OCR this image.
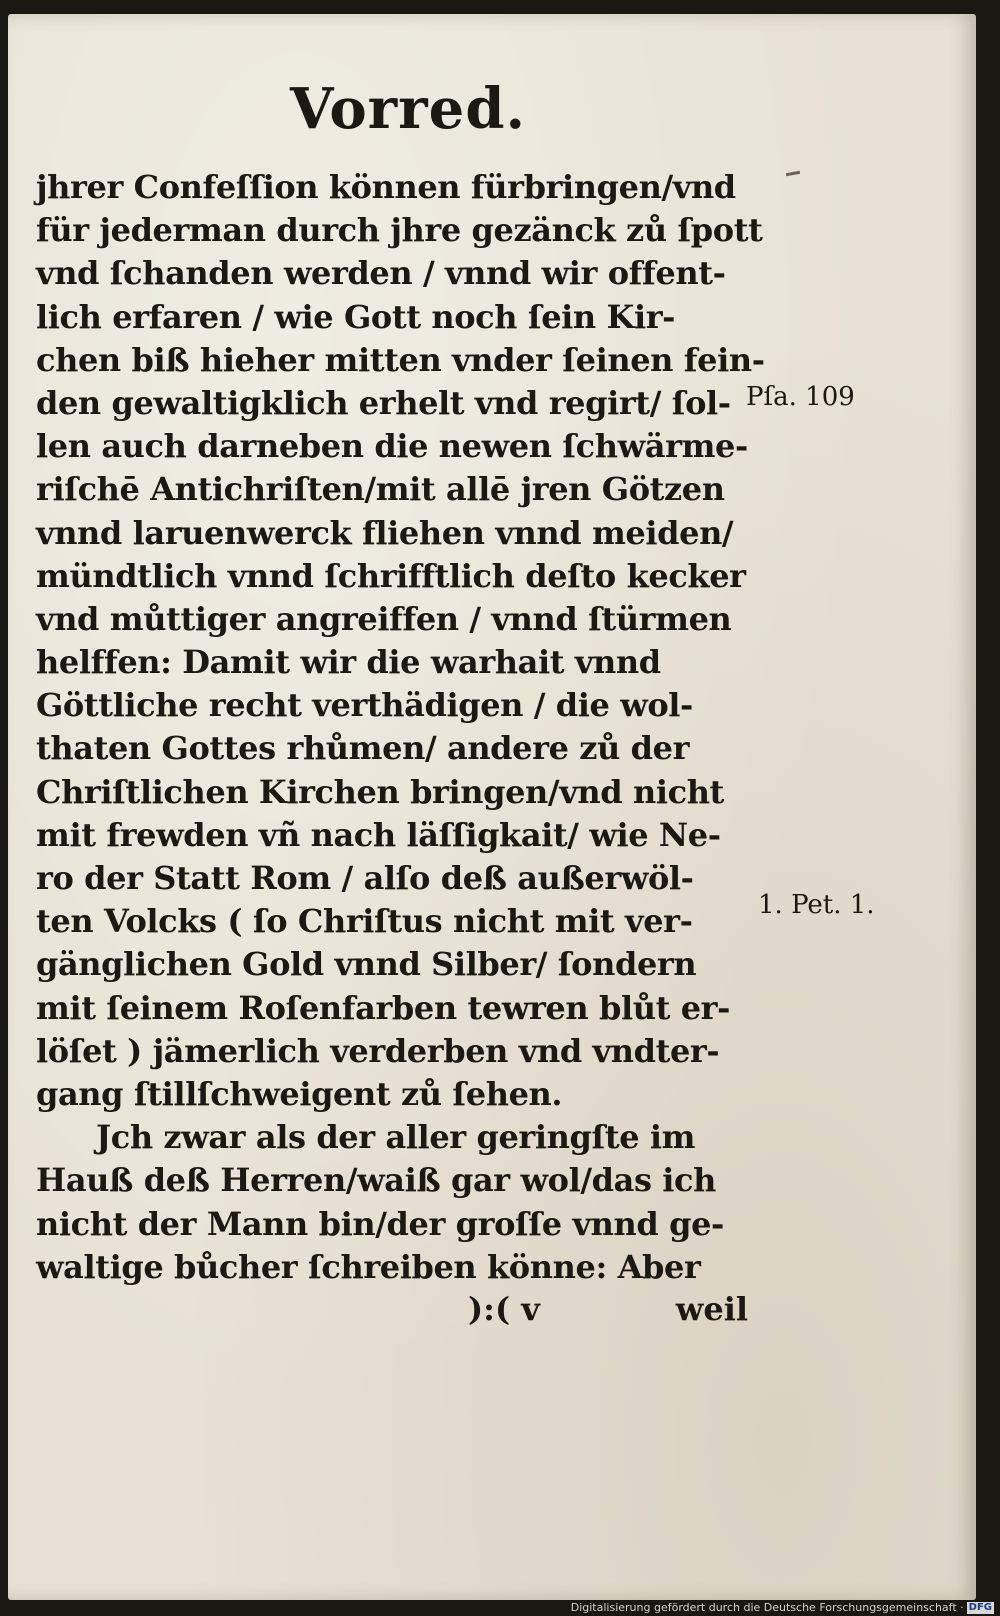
Vorred.
jhrer Confeſſion können fürbringen/vnd
für jederman durch jhre gezänck zů ſpott
vnd ſchanden werden / vnnd wir offent-
lich erfaren / wie Gott noch ſein Kir-
chen biß hieher mitten vnder ſeinen fein-
den gewaltigklich erhelt vnd regirt/ ſol-
len auch darneben die newen ſchwärme-
riſchē Antichriſten/mit allē jren Götzen
vnnd laruenwerck fliehen vnnd meiden/
mündtlich vnnd ſchrifftlich deſto kecker
vnd můttiger angreiffen / vnnd ſtürmen
helffen: Damit wir die warhait vnnd
Göttliche recht verthädigen / die wol-
thaten Gottes rhůmen/ andere zů der
Chriſtlichen Kirchen bringen/vnd nicht
mit frewden vñ nach läſſigkait/ wie Ne-
ro der Statt Rom / alſo deß außerwöl-
ten Volcks ( ſo Chriſtus nicht mit ver-
gänglichen Gold vnnd Silber/ ſondern
mit ſeinem Roſenfarben tewren blůt er-
löſet ) jämerlich verderben vnd vndter-
gang ſtillſchweigent zů ſehen.
Jch zwar als der aller geringſte im
Hauß deß Herren/waiß gar wol/das ich
nicht der Mann bin/der groſſe vnnd ge-
waltige bůcher ſchreiben könne: Aber
):( v	weil
Pſa. 109
1. Pet. 1.
Digitalisierung gefördert durch die Deutsche Forschungsgemeinschaft · DFG
